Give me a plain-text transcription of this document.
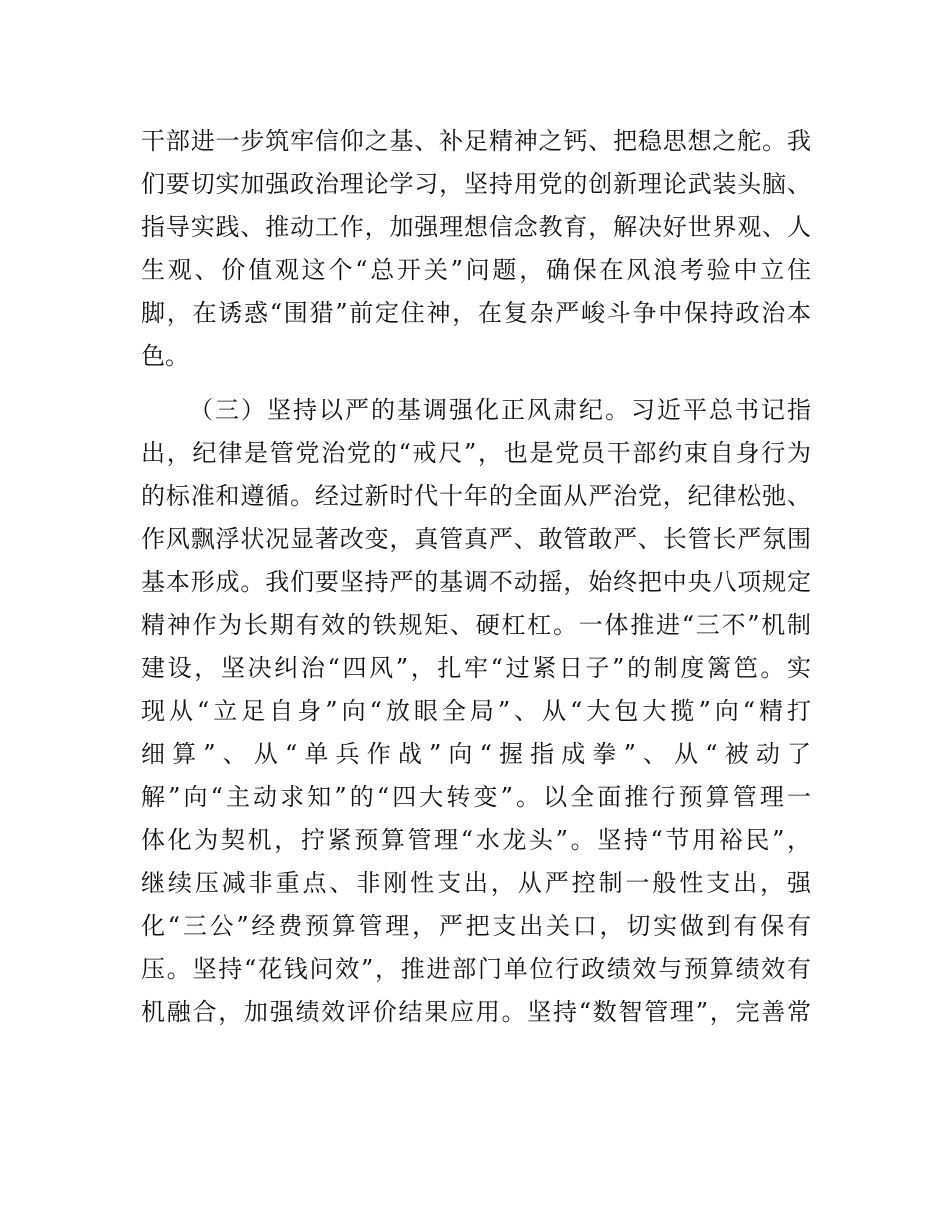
干部进一步筑牢信仰之基、补足精神之钙、把稳思想之舵。我
们要切实加强政治理论学习，坚持用党的创新理论武装头脑、
指导实践、推动工作，加强理想信念教育，解决好世界观、人
生观、价值观这个“总开关”问题，确保在风浪考验中立住
脚，在诱惑“围猎”前定住神，在复杂严峻斗争中保持政治本
色。
（三）坚持以严的基调强化正风肃纪。习近平总书记指
出，纪律是管党治党的“戒尺”，也是党员干部约束自身行为
的标准和遵循。经过新时代十年的全面从严治党，纪律松弛、
作风飘浮状况显著改变，真管真严、敢管敢严、长管长严氛围
基本形成。我们要坚持严的基调不动摇，始终把中央八项规定
精神作为长期有效的铁规矩、硬杠杠。一体推进“三不”机制
建设，坚决纠治“四风”，扎牢“过紧日子”的制度篱笆。实
现从“立足自身”向“放眼全局”、从“大包大揽”向“精打
细算”、从“单兵作战”向“握指成拳”、从“被动了
解”向“主动求知”的“四大转变”。以全面推行预算管理一
体化为契机，拧紧预算管理“水龙头”。坚持“节用裕民”，
继续压减非重点、非刚性支出，从严控制一般性支出，强
化“三公”经费预算管理，严把支出关口，切实做到有保有
压。坚持“花钱问效”，推进部门单位行政绩效与预算绩效有
机融合，加强绩效评价结果应用。坚持“数智管理”，完善常
